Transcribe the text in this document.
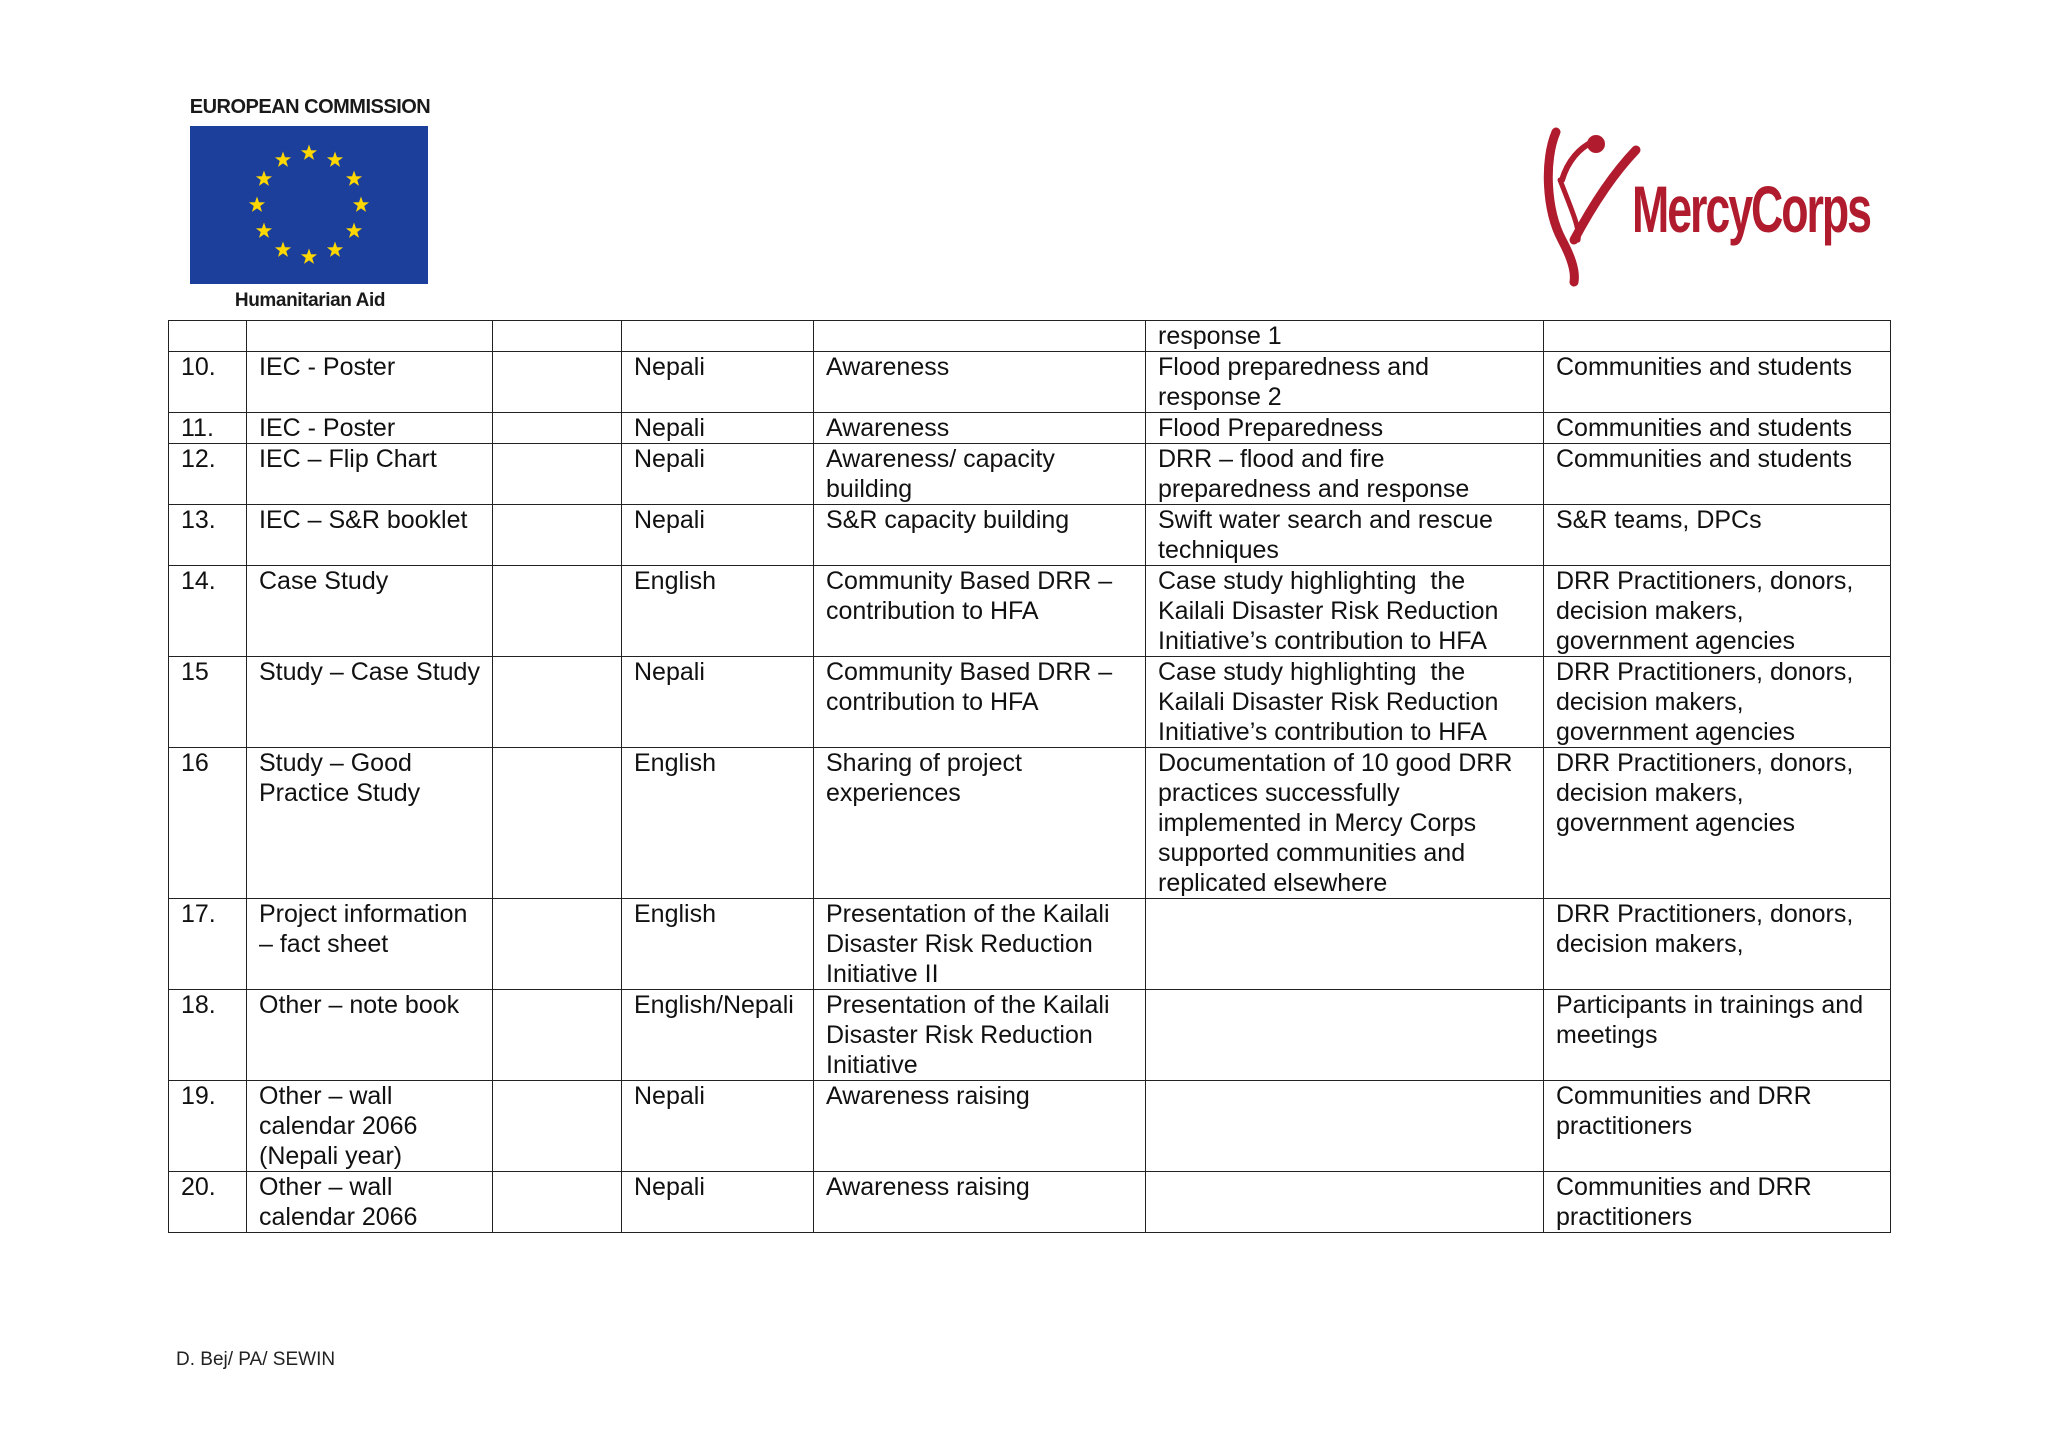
EUROPEAN COMMISSION
Humanitarian Aid
MercyCorps

					response 1	

10.	IEC - Poster		Nepali	Awareness	Flood preparedness and response 2	Communities and students

11.	IEC - Poster		Nepali	Awareness	Flood Preparedness	Communities and students

12.	IEC – Flip Chart		Nepali	Awareness/ capacity building	DRR – flood and fire preparedness and response	Communities and students

13.	IEC – S&R booklet		Nepali	S&R capacity building	Swift water search and rescue techniques	S&R teams, DPCs

14.	Case Study		English	Community Based DRR – contribution to HFA	Case study highlighting  the Kailali Disaster Risk Reduction Initiative’s contribution to HFA	DRR Practitioners, donors, decision makers, government agencies

15	Study – Case Study		Nepali	Community Based DRR – contribution to HFA	Case study highlighting  the Kailali Disaster Risk Reduction Initiative’s contribution to HFA	DRR Practitioners, donors, decision makers, government agencies

16	Study – Good Practice Study		English	Sharing of project experiences	Documentation of 10 good DRR practices successfully implemented in Mercy Corps supported communities and replicated elsewhere	DRR Practitioners, donors, decision makers, government agencies

17.	Project information – fact sheet		English	Presentation of the Kailali Disaster Risk Reduction Initiative II		DRR Practitioners, donors, decision makers,

18.	Other – note book		English/Nepali	Presentation of the Kailali Disaster Risk Reduction Initiative		Participants in trainings and meetings

19.	Other – wall calendar 2066 (Nepali year)		Nepali	Awareness raising		Communities and DRR practitioners

20.	Other – wall calendar 2066		Nepali	Awareness raising		Communities and DRR practitioners
D. Bej/ PA/ SEWIN
